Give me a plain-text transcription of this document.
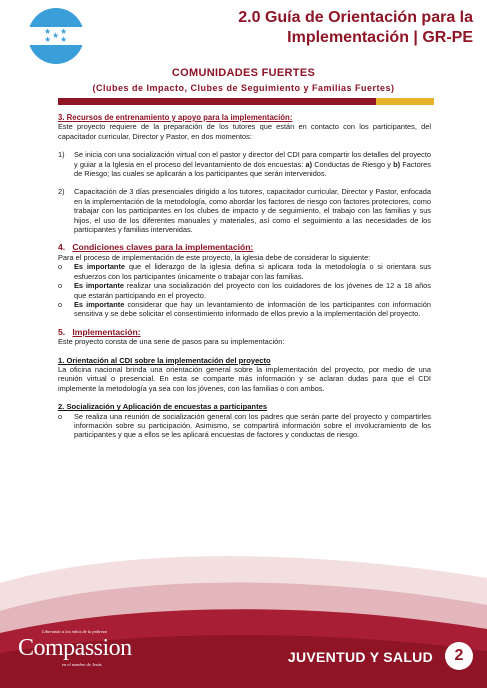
★ ★
★
★ ★
2.0 Guía de Orientación para la Implementación | GR-PE
COMUNIDADES FUERTES
(Clubes de Impacto, Clubes de Seguimiento y Familias Fuertes)

3. Recursos de entrenamiento y apoyo para la implementación:

Este proyecto requiere de la preparación de los tutores que están en contacto con los participantes, del capacitador curricular, Director y Pastor, en dos momentos:

1)	Se inicia con una socialización virtual con el pastor y director del CDI para compartir los detalles del proyecto y guiar a la Iglesia en el proceso del levantamiento de dos encuestas: a) Conductas de Riesgo y b) Factores de Riesgo; las cuales se aplicarán a los participantes que serán intervenidos.
2)	Capacitación de 3 días presenciales dirigido a los tutores, capacitador curricular, Director y Pastor, enfocada en la implementación de la metodología, como abordar los factores de riesgo con factores protectores, como trabajar con los participantes en los clubes de impacto y de seguimiento, el trabajo con las familias y sus hijos, el uso de los diferentes manuales y materiales, así como el seguimiento a las necesidades de los participantes y familias intervenidas.

4. Condiciones claves para la implementación:

Para el proceso de implementación de este proyecto, la iglesia debe de considerar lo siguiente:

o	Es importante que el liderazgo de la iglesia defina si aplicara toda la metodología o si orientara sus esfuerzos con los participantes únicamente o trabajar con las familias.
o	Es importante realizar una socialización del proyecto con los cuidadores de los jóvenes de 12 a 18 años que estarán participando en el proyecto.
o	Es importante considerar que hay un levantamiento de información de los participantes con información sensitiva y se debe solicitar el consentimiento informado de ellos previo a la implementación del proyecto.

5. Implementación:

Este proyecto consta de una serie de pasos para su implementación:

1. Orientación al CDI sobre la implementación del proyecto

La oficina nacional brinda una orientación general sobre la implementación del proyecto, por medio de una reunión virtual o presencial. En esta se comparte más información y se aclaran dudas para que el CDI implemente la metodología ya sea con los jóvenes, con las familias o con ambos.

2. Socialización y Aplicación de encuestas a participantes

o	Se realiza una reunión de socialización general con los padres que serán parte del proyecto y compartirles información sobre su participación. Asimismo, se compartirá información sobre el involucramiento de los participantes y que a ellos se les aplicará encuestas de factores y conductas de riesgo.
Liberando a los niños de la pobreza
Compassion
en el nombre de Jesús	JUVENTUD Y SALUD	2
